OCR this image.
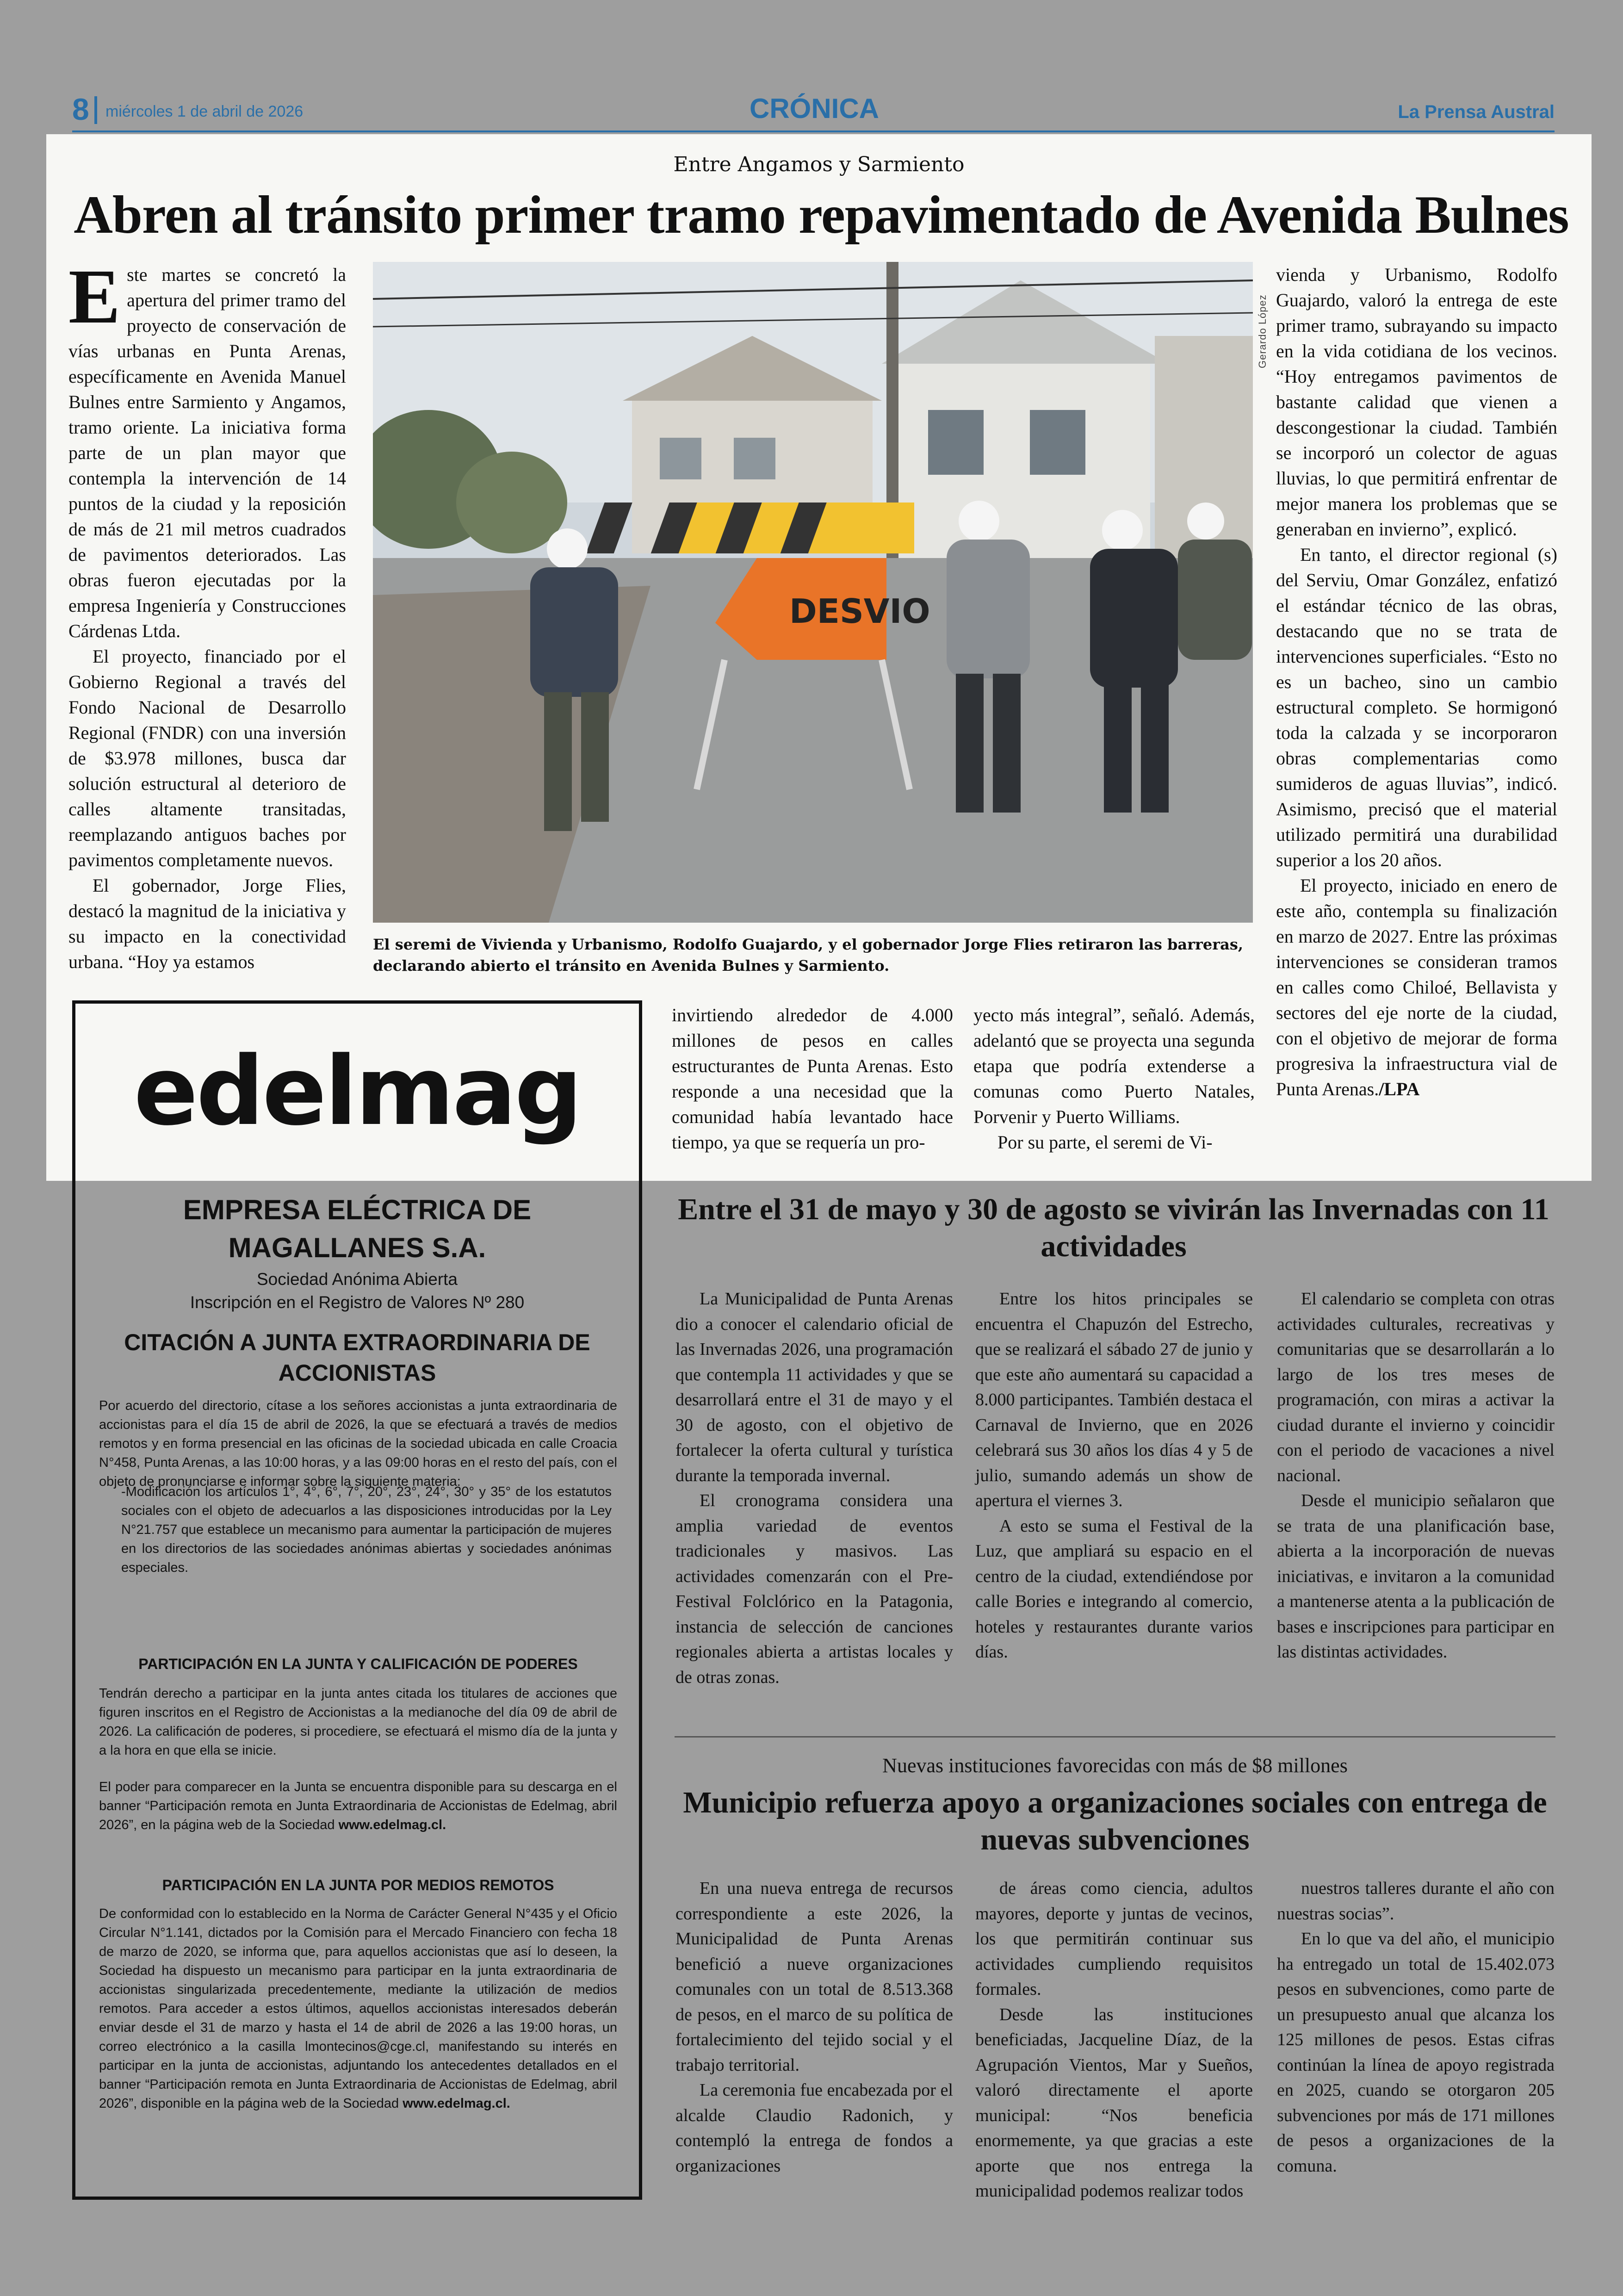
8 miércoles 1 de abril de 2026	CRÓNICA	La Prensa Austral
Entre Angamos y Sarmiento
Abren al tránsito primer tramo repavimentado de Avenida Bulnes

Este martes se concretó la apertura del primer tramo del proyecto de conservación de vías urbanas en Punta Arenas, específicamente en Avenida Manuel Bulnes entre Sarmiento y Angamos, tramo oriente. La iniciativa forma parte de un plan mayor que contempla la intervención de 14 puntos de la ciudad y la reposición de más de 21 mil metros cuadrados de pavimentos deteriorados. Las obras fueron ejecutadas por la empresa Ingeniería y Construcciones Cárdenas Ltda.

El proyecto, financiado por el Gobierno Regional a través del Fondo Nacional de Desarrollo Regional (FNDR) con una inversión de $3.978 millones, busca dar solución estructural al deterioro de calles altamente transitadas, reemplazando antiguos baches por pavimentos completamente nuevos.

El gobernador, Jorge Flies, destacó la magnitud de la iniciativa y su impacto en la conectividad urbana. “Hoy ya estamos

DESVIO
Gerardo López
El seremi de Vivienda y Urbanismo, Rodolfo Guajardo, y el gobernador Jorge Flies retiraron las barreras, declarando abierto el tránsito en Avenida Bulnes y Sarmiento.

vienda y Urbanismo, Rodolfo Guajardo, valoró la entrega de este primer tramo, subrayando su impacto en la vida cotidiana de los vecinos. “Hoy entregamos pavimentos de bastante calidad que vienen a descongestionar la ciudad. También se incorporó un colector de aguas lluvias, lo que permitirá enfrentar de mejor manera los problemas que se generaban en invierno”, explicó.

En tanto, el director regional (s) del Serviu, Omar González, enfatizó el estándar técnico de las obras, destacando que no se trata de intervenciones superficiales. “Esto no es un bacheo, sino un cambio estructural completo. Se hormigonó toda la calzada y se incorporaron obras complementarias como sumideros de aguas lluvias”, indicó. Asimismo, precisó que el material utilizado permitirá una durabilidad superior a los 20 años.

El proyecto, iniciado en enero de este año, contempla su finalización en marzo de 2027. Entre las próximas intervenciones se consideran tramos en calles como Chiloé, Bellavista y sectores del eje norte de la ciudad, con el objetivo de mejorar de forma progresiva la infraestructura vial de Punta Arenas./LPA

invirtiendo alrededor de 4.000 millones de pesos en calles estructurantes de Punta Arenas. Esto responde a una necesidad que la comunidad había levantado hace tiempo, ya que se requería un pro-

yecto más integral”, señaló. Además, adelantó que se proyecta una segunda etapa que podría extenderse a comunas como Puerto Natales, Porvenir y Puerto Williams.

Por su parte, el seremi de Vi-

edelmag
EMPRESA ELÉCTRICA DE MAGALLANES S.A.
Sociedad Anónima Abierta
Inscripción en el Registro de Valores Nº 280
CITACIÓN A JUNTA EXTRAORDINARIA DE ACCIONISTAS
Por acuerdo del directorio, cítase a los señores accionistas a junta extraordinaria de accionistas para el día 15 de abril de 2026, la que se efectuará a través de medios remotos y en forma presencial en las oficinas de la sociedad ubicada en calle Croacia N°458, Punta Arenas, a las 10:00 horas, y a las 09:00 horas en el resto del país, con el objeto de pronunciarse e informar sobre la siguiente materia:
-Modificación los artículos 1°, 4°, 6°, 7°, 20°, 23°, 24°, 30° y 35° de los estatutos sociales con el objeto de adecuarlos a las disposiciones introducidas por la Ley N°21.757 que establece un mecanismo para aumentar la participación de mujeres en los directorios de las sociedades anónimas abiertas y sociedades anónimas especiales.
PARTICIPACIÓN EN LA JUNTA Y CALIFICACIÓN DE PODERES
Tendrán derecho a participar en la junta antes citada los titulares de acciones que figuren inscritos en el Registro de Accionistas a la medianoche del día 09 de abril de 2026. La calificación de poderes, si procediere, se efectuará el mismo día de la junta y a la hora en que ella se inicie.
El poder para comparecer en la Junta se encuentra disponible para su descarga en el banner “Participación remota en Junta Extraordinaria de Accionistas de Edelmag, abril 2026”, en la página web de la Sociedad www.edelmag.cl.
PARTICIPACIÓN EN LA JUNTA POR MEDIOS REMOTOS
De conformidad con lo establecido en la Norma de Carácter General N°435 y el Oficio Circular N°1.141, dictados por la Comisión para el Mercado Financiero con fecha 18 de marzo de 2020, se informa que, para aquellos accionistas que así lo deseen, la Sociedad ha dispuesto un mecanismo para participar en la junta extraordinaria de accionistas singularizada precedentemente, mediante la utilización de medios remotos. Para acceder a estos últimos, aquellos accionistas interesados deberán enviar desde el 31 de marzo y hasta el 14 de abril de 2026 a las 19:00 horas, un correo electrónico a la casilla lmontecinos@cge.cl, manifestando su interés en participar en la junta de accionistas, adjuntando los antecedentes detallados en el banner “Participación remota en Junta Extraordinaria de Accionistas de Edelmag, abril 2026”, disponible en la página web de la Sociedad www.edelmag.cl.
Entre el 31 de mayo y 30 de agosto se vivirán las Invernadas con 11 actividades

La Municipalidad de Punta Arenas dio a conocer el calendario oficial de las Invernadas 2026, una programación que contempla 11 actividades y que se desarrollará entre el 31 de mayo y el 30 de agosto, con el objetivo de fortalecer la oferta cultural y turística durante la temporada invernal.

El cronograma considera una amplia variedad de eventos tradicionales y masivos. Las actividades comenzarán con el Pre-Festival Folclórico en la Patagonia, instancia de selección de canciones regionales abierta a artistas locales y de otras zonas.

Entre los hitos principales se encuentra el Chapuzón del Estrecho, que se realizará el sábado 27 de junio y que este año aumentará su capacidad a 8.000 participantes. También destaca el Carnaval de Invierno, que en 2026 celebrará sus 30 años los días 4 y 5 de julio, sumando además un show de apertura el viernes 3.

A esto se suma el Festival de la Luz, que ampliará su espacio en el centro de la ciudad, extendiéndose por calle Bories e integrando al comercio, hoteles y restaurantes durante varios días.

El calendario se completa con otras actividades culturales, recreativas y comunitarias que se desarrollarán a lo largo de los tres meses de programación, con miras a activar la ciudad durante el invierno y coincidir con el periodo de vacaciones a nivel nacional.

Desde el municipio señalaron que se trata de una planificación base, abierta a la incorporación de nuevas iniciativas, e invitaron a la comunidad a mantenerse atenta a la publicación de bases e inscripciones para participar en las distintas actividades.

Nuevas instituciones favorecidas con más de $8 millones
Municipio refuerza apoyo a organizaciones sociales con entrega de nuevas subvenciones

En una nueva entrega de recursos correspondiente a este 2026, la Municipalidad de Punta Arenas benefició a nueve organizaciones comunales con un total de 8.513.368 de pesos, en el marco de su política de fortalecimiento del tejido social y el trabajo territorial.

La ceremonia fue encabezada por el alcalde Claudio Radonich, y contempló la entrega de fondos a organizaciones

de áreas como ciencia, adultos mayores, deporte y juntas de vecinos, los que permitirán continuar sus actividades cumpliendo requisitos formales.

Desde las instituciones beneficiadas, Jacqueline Díaz, de la Agrupación Vientos, Mar y Sueños, valoró directamente el aporte municipal: “Nos beneficia enormemente, ya que gracias a este aporte que nos entrega la municipalidad podemos realizar todos

nuestros talleres durante el año con nuestras socias”.

En lo que va del año, el municipio ha entregado un total de 15.402.073 pesos en subvenciones, como parte de un presupuesto anual que alcanza los 125 millones de pesos. Estas cifras continúan la línea de apoyo registrada en 2025, cuando se otorgaron 205 subvenciones por más de 171 millones de pesos a organizaciones de la comuna.
